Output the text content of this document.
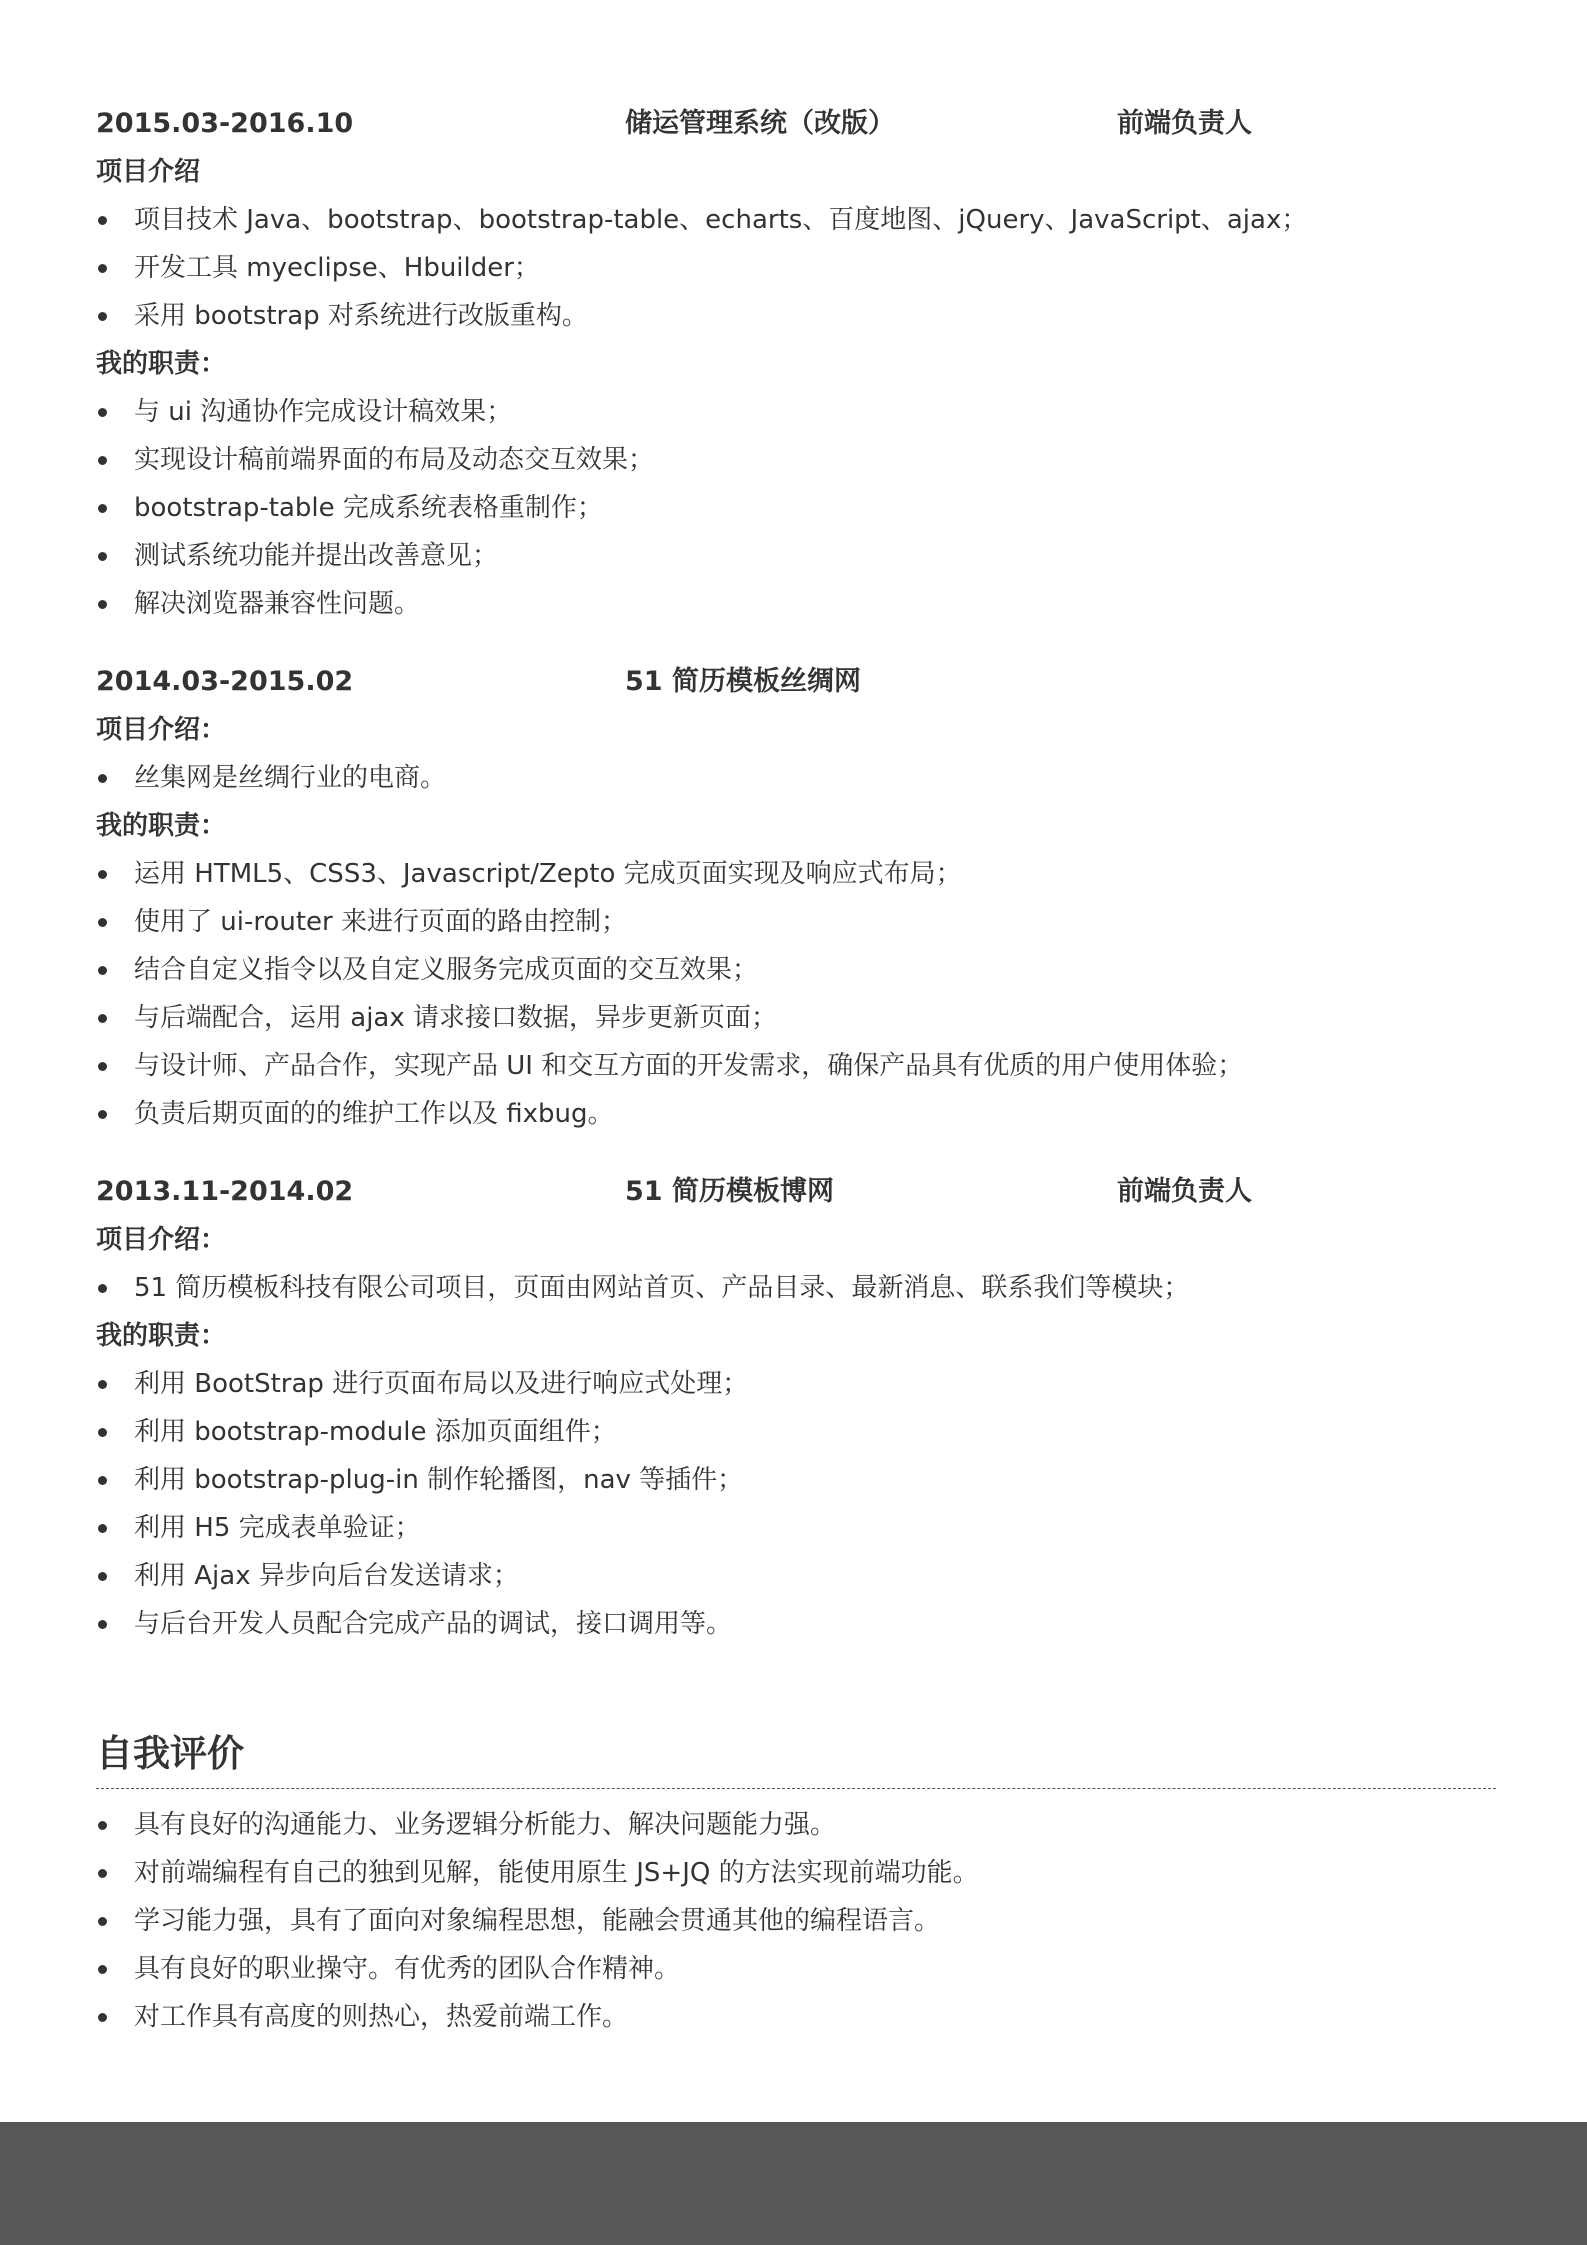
2015.03-2016.10	储运管理系统（改版）	前端负责人
项目介绍
项目技术 Java、bootstrap、bootstrap-table、echarts、百度地图、jQuery、JavaScript、ajax；
开发工具 myeclipse、Hbuilder；
采用 bootstrap 对系统进行改版重构。
我的职责：
与 ui 沟通协作完成设计稿效果；
实现设计稿前端界面的布局及动态交互效果；
bootstrap-table 完成系统表格重制作；
测试系统功能并提出改善意见；
解决浏览器兼容性问题。
2014.03-2015.02	51 简历模板丝绸网
项目介绍：
丝集网是丝绸行业的电商。
我的职责：
运用 HTML5、CSS3、Javascript/Zepto 完成页面实现及响应式布局；
使用了 ui-router 来进行页面的路由控制；
结合自定义指令以及自定义服务完成页面的交互效果；
与后端配合，运用 ajax 请求接口数据，异步更新页面；
与设计师、产品合作，实现产品 UI 和交互方面的开发需求，确保产品具有优质的用户使用体验；
负责后期页面的的维护工作以及 fixbug。
2013.11-2014.02	51 简历模板博网	前端负责人
项目介绍：
51 简历模板科技有限公司项目，页面由网站首页、产品目录、最新消息、联系我们等模块；
我的职责：
利用 BootStrap 进行页面布局以及进行响应式处理；
利用 bootstrap-module 添加页面组件；
利用 bootstrap-plug-in 制作轮播图，nav 等插件；
利用 H5 完成表单验证；
利用 Ajax 异步向后台发送请求；
与后台开发人员配合完成产品的调试，接口调用等。
自我评价
具有良好的沟通能力、业务逻辑分析能力、解决问题能力强。
对前端编程有自己的独到见解，能使用原生 JS+JQ 的方法实现前端功能。
学习能力强，具有了面向对象编程思想，能融会贯通其他的编程语言。
具有良好的职业操守。有优秀的团队合作精神。
对工作具有高度的则热心，热爱前端工作。
